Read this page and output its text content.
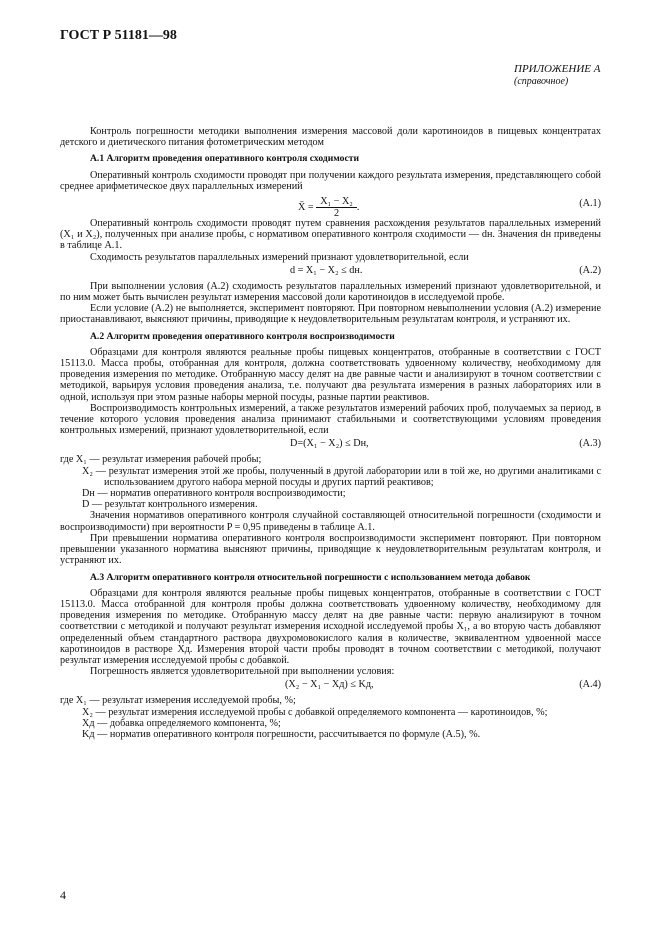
ГОСТ Р 51181—98
ПРИЛОЖЕНИЕ А
(справочное)

Контроль погрешности методики выполнения измерения массовой доли каротиноидов в пищевых концентратах детского и диетического питания фотометрическим методом

А.1 Алгоритм проведения оперативного контроля сходимости

Оперативный контроль сходимости проводят при получении каждого результата измерения, представляющего собой среднее арифметическое двух параллельных измерений

X̄ = $\frac{\text{X₁ − X₂}}{2}$ .	(А.1)

Оперативный контроль сходимости проводят путем сравнения расхождения результатов параллельных измерений (X₁ и X₂), полученных при анализе пробы, с нормативом оперативного контроля сходимости — dн. Значения dн приведены в таблице А.1.

Сходимость результатов параллельных измерений признают удовлетворительной, если

d = X₁ − X₂ ≤ dн.	(А.2)

При выполнении условия (А.2) сходимость результатов параллельных измерений признают удовлетворительной, и по ним может быть вычислен результат измерения массовой доли каротиноидов в исследуемой пробе.

Если условие (А.2) не выполняется, эксперимент повторяют. При повторном невыполнении условия (А.2) измерение приостанавливают, выясняют причины, приводящие к неудовлетворительным результатам контроля, и устраняют их.

А.2 Алгоритм проведения оперативного контроля воспроизводимости

Образцами для контроля являются реальные пробы пищевых концентратов, отобранные в соответствии с ГОСТ 15113.0. Масса пробы, отобранная для контроля, должна соответствовать удвоенному количеству, необходимому для проведения измерения по методике. Отобранную массу делят на две равные части и анализируют в точном соответствии с методикой, варьируя условия проведения анализа, т.е. получают два результата измерения в разных лабораториях или в одной, используя при этом разные наборы мерной посуды, разные партии реактивов.

Воспроизводимость контрольных измерений, а также результатов измерений рабочих проб, получаемых за период, в течение которого условия проведения анализа принимают стабильными и соответствующими условиям проведения контрольных измерений, признают удовлетворительной, если

D=(X₁ − X₂) ≤ Dн,	(А.3)

где X₁ — результат измерения рабочей пробы;

X₂ — результат измерения этой же пробы, полученный в другой лаборатории или в той же, но другими аналитиками с использованием другого набора мерной посуды и других партий реактивов;

Dн — норматив оперативного контроля воспроизводимости;

D — результат контрольного измерения.

Значения нормативов оперативного контроля случайной составляющей относительной погрешности (сходимости и воспроизводимости) при вероятности P = 0,95 приведены в таблице А.1.

При превышении норматива оперативного контроля воспроизводимости эксперимент повторяют. При повторном превышении указанного норматива выясняют причины, приводящие к неудовлетворительным результатам контроля, и устраняют их.

А.3 Алгоритм оперативного контроля относительной погрешности с использованием метода добавок

Образцами для контроля являются реальные пробы пищевых концентратов, отобранные в соответствии с ГОСТ 15113.0. Масса отобранной для контроля пробы должна соответствовать удвоенному количеству, необходимому для проведения измерения по методике. Отобранную массу делят на две равные части: первую анализируют в точном соответствии с методикой и получают результат измерения исходной исследуемой пробы X₁, а во вторую часть добавляют определенный объем стандартного раствора двухромовокислого калия в количестве, эквивалентном удвоенной массе каротиноидов в растворе Xд. Измерения второй части пробы проводят в точном соответствии с методикой, получают результат измерения исследуемой пробы с добавкой.

Погрешность является удовлетворительной при выполнении условия:

(X₂ − X₁ − Xд) ≤ Kд,	(А.4)

где X₁ — результат измерения исследуемой пробы, %;

X₂ — результат измерения исследуемой пробы с добавкой определяемого компонента — каротиноидов, %;

Xд — добавка определяемого компонента, %;

Kд — норматив оперативного контроля погрешности, рассчитывается по формуле (А.5), %.

4
